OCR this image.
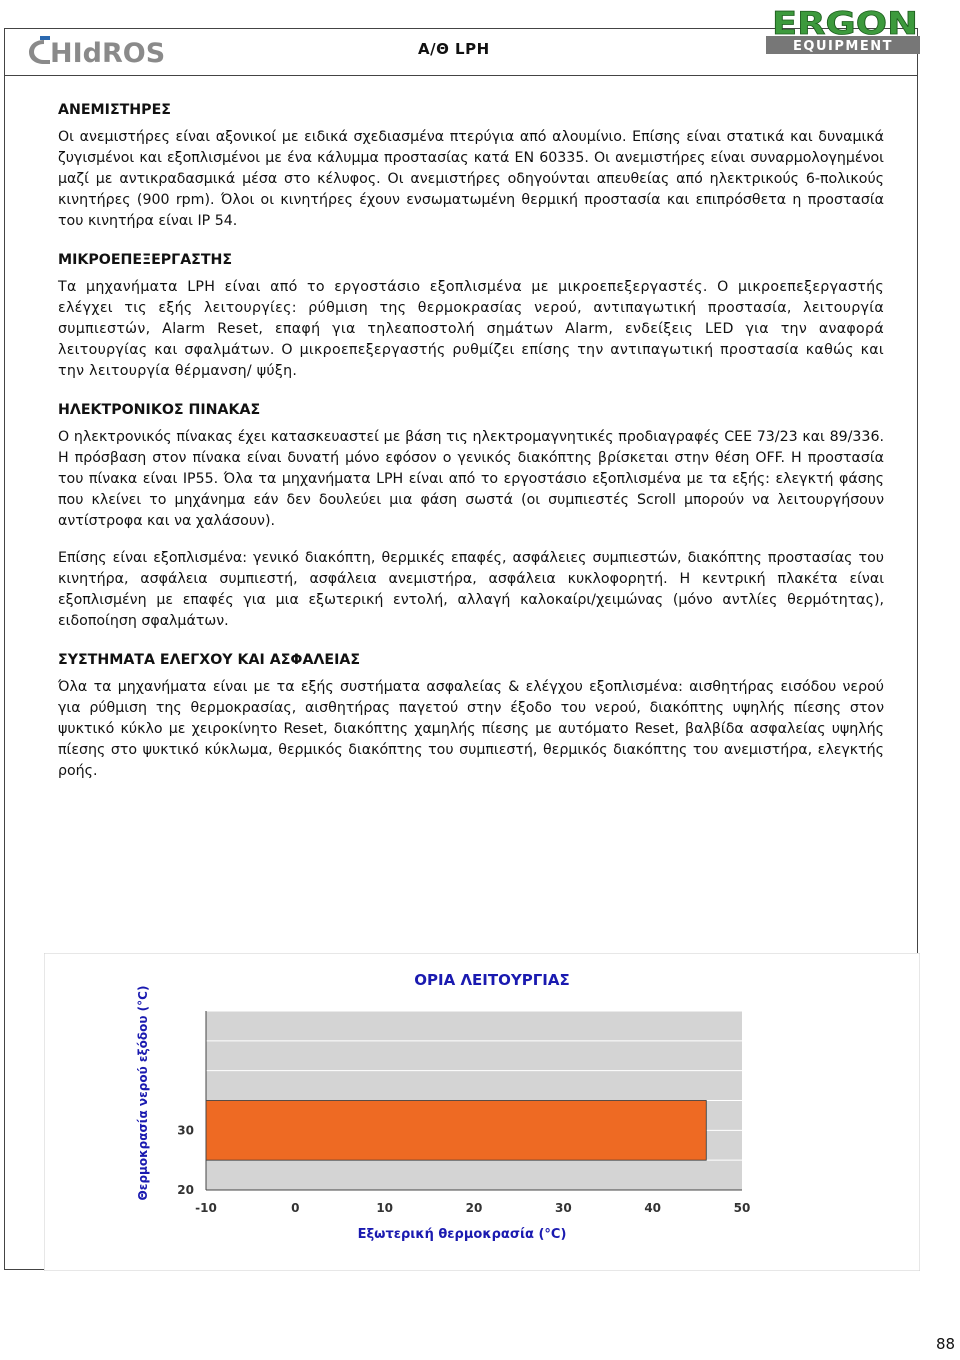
HIdROS	Α/Θ LPH
ERGON
EQUIPMENT
ΑΝΕΜΙΣΤΗΡΕΣ

Οι ανεμιστήρες είναι αξονικοί με ειδικά σχεδιασμένα πτερύγια από αλουμίνιο. Επίσης είναι στατικά και δυναμικά ζυγισμένοι και εξοπλισμένοι με ένα κάλυμμα προστασίας κατά EN 60335. Οι ανεμιστήρες είναι συναρμολογημένοι μαζί με αντικραδασμικά μέσα στο κέλυφος. Οι ανεμιστήρες οδηγούνται απευθείας από ηλεκτρικούς 6-πολικούς κινητήρες (900 rpm). Όλοι οι κινητήρες έχουν ενσωματωμένη θερμική προστασία και επιπρόσθετα η προστασία του κινητήρα είναι IP 54.

ΜΙΚΡΟΕΠΕΞΕΡΓΑΣΤΗΣ

Τα μηχανήματα LPH είναι από το εργοστάσιο εξοπλισμένα με μικροεπεξεργαστές. Ο μικροεπεξεργαστής ελέγχει τις εξής λειτουργίες: ρύθμιση της θερμοκρασίας νερού, αντιπαγωτική προστασία, λειτουργία συμπιεστών, Alarm Reset, επαφή για τηλεαποστολή σημάτων Alarm, ενδείξεις LED για την αναφορά λειτουργίας και σφαλμάτων. Ο μικροεπεξεργαστής ρυθμίζει επίσης την αντιπαγωτική προστασία καθώς και την λειτουργία θέρμανση/ ψύξη.

ΗΛΕΚΤΡΟΝΙΚΟΣ ΠΙΝΑΚΑΣ

Ο ηλεκτρονικός πίνακας έχει κατασκευαστεί με βάση τις ηλεκτρομαγνητικές προδιαγραφές CEE 73/23 και 89/336. Η πρόσβαση στον πίνακα είναι δυνατή μόνο εφόσον ο γενικός διακόπτης βρίσκεται στην θέση OFF. Η προστασία του πίνακα είναι IP55. Όλα τα μηχανήματα LPH είναι από το εργοστάσιο εξοπλισμένα με τα εξής: ελεγκτή φάσης που κλείνει το μηχάνημα εάν δεν δουλεύει μια φάση σωστά (οι συμπιεστές Scroll μπορούν να λειτουργήσουν αντίστροφα και να χαλάσουν).

Επίσης είναι εξοπλισμένα: γενικό διακόπτη, θερμικές επαφές, ασφάλειες συμπιεστών, διακόπτης προστασίας του κινητήρα, ασφάλεια συμπιεστή, ασφάλεια ανεμιστήρα, ασφάλεια κυκλοφορητή. Η κεντρική πλακέτα είναι εξοπλισμένη με επαφές για μια εξωτερική εντολή, αλλαγή καλοκαίρι/χειμώνας (μόνο αντλίες θερμότητας), ειδοποίηση σφαλμάτων.

ΣΥΣΤΗΜΑΤΑ ΕΛΕΓΧΟΥ ΚΑΙ ΑΣΦΑΛΕΙΑΣ

Όλα τα μηχανήματα είναι με τα εξής συστήματα ασφαλείας & ελέγχου εξοπλισμένα: αισθητήρας εισόδου νερού για ρύθμιση της θερμοκρασίας, αισθητήρας παγετού στην έξοδο του νερού, διακόπτης υψηλής πίεσης στον ψυκτικό κύκλο με χειροκίνητο Reset, διακόπτης χαμηλής πίεσης με αυτόματο Reset, βαλβίδα ασφαλείας υψηλής πίεσης στο ψυκτικό κύκλωμα, θερμικός διακόπτης του συμπιεστή, θερμικός διακόπτης του ανεμιστήρα, ελεγκτής ροής.

ΟΡΙΑ ΛΕΙΤΟΥΡΓΙΑΣ
Θερμοκρασία νερού εξόδου (°C)
Εξωτερική θερμοκρασία (°C)
-10	0	10	20	30	40	50
20
30
88
